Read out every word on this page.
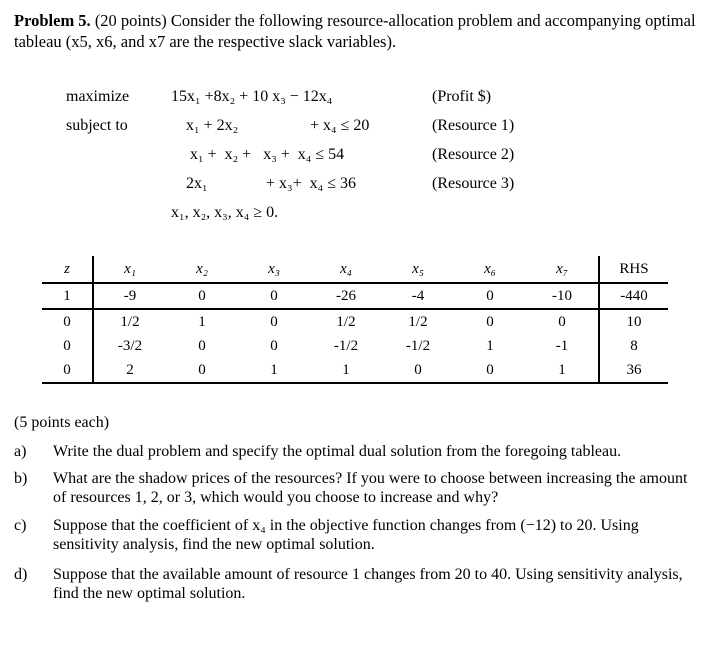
Problem 5. (20 points) Consider the following resource-allocation problem and accompanying optimal tableau (x5, x6, and x7 are the respective slack variables).
maximize	15x₁ +8x₂ + 10 x₃ − 12x₄	(Profit $)
subject to	x₁ + 2x₂	+ x₄ ≤ 20	(Resource 1)
x₁ +  x₂ +   x₃ +  x₄ ≤ 54	(Resource 2)
2x₁	+ x₃+  x₄ ≤ 36	(Resource 3)
x₁, x₂, x₃, x₄ ≥ 0.
z	x₁	x₂	x₃	x₄	x₅	x₆	x₇	RHS
1	-9	0	0	-26	-4	0	-10	-440
0	1/2	1	0	1/2	1/2	0	0	10
0	-3/2	0	0	-1/2	-1/2	1	-1	8
0	2	0	1	1	0	0	1	36
(5 points each)
a) Write the dual problem and specify the optimal dual solution from the foregoing tableau.
b) What are the shadow prices of the resources? If you were to choose between increasing the amount of resources 1, 2, or 3, which would you choose to increase and why?
c) Suppose that the coefficient of x₄ in the objective function changes from (−12) to 20. Using sensitivity analysis, find the new optimal solution.
d) Suppose that the available amount of resource 1 changes from 20 to 40. Using sensitivity analysis, find the new optimal solution.
